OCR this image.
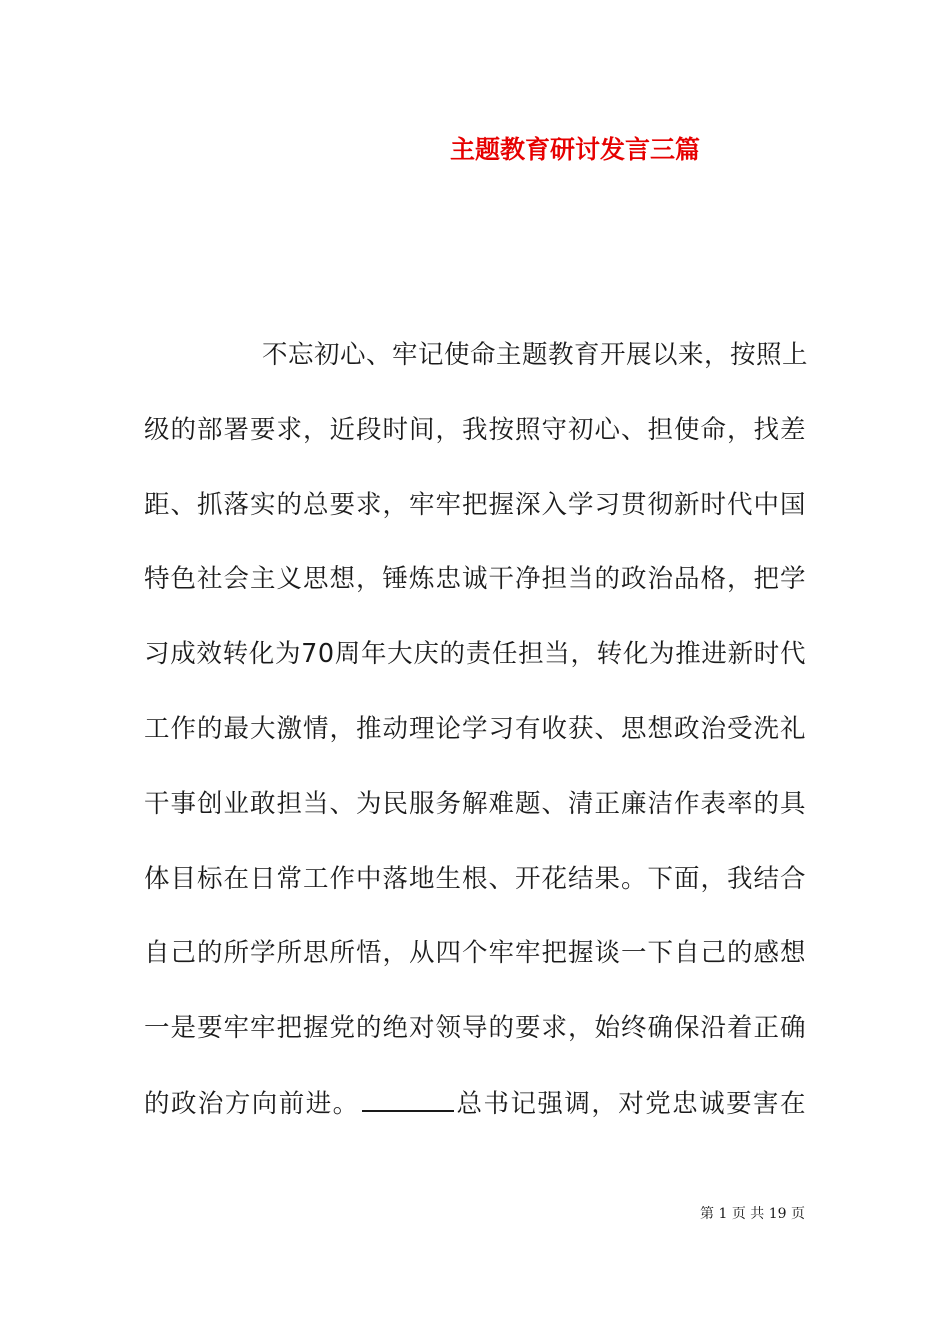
主题教育研讨发言三篇
不忘初心、牢记使命主题教育开展以来，按照上
级的部署要求，近段时间，我按照守初心、担使命，找差
距、抓落实的总要求，牢牢把握深入学习贯彻新时代中国
特色社会主义思想，锤炼忠诚干净担当的政治品格，把学
习成效转化为70周年大庆的责任担当，转化为推进新时代
工作的最大激情，推动理论学习有收获、思想政治受洗礼
干事创业敢担当、为民服务解难题、清正廉洁作表率的具
体目标在日常工作中落地生根、开花结果。下面，我结合
自己的所学所思所悟，从四个牢牢把握谈一下自己的感想
一是要牢牢把握党的绝对领导的要求，始终确保沿着正确
的政治方向前进。	总书记强调，对党忠诚要害在
第 1 页 共 19 页
